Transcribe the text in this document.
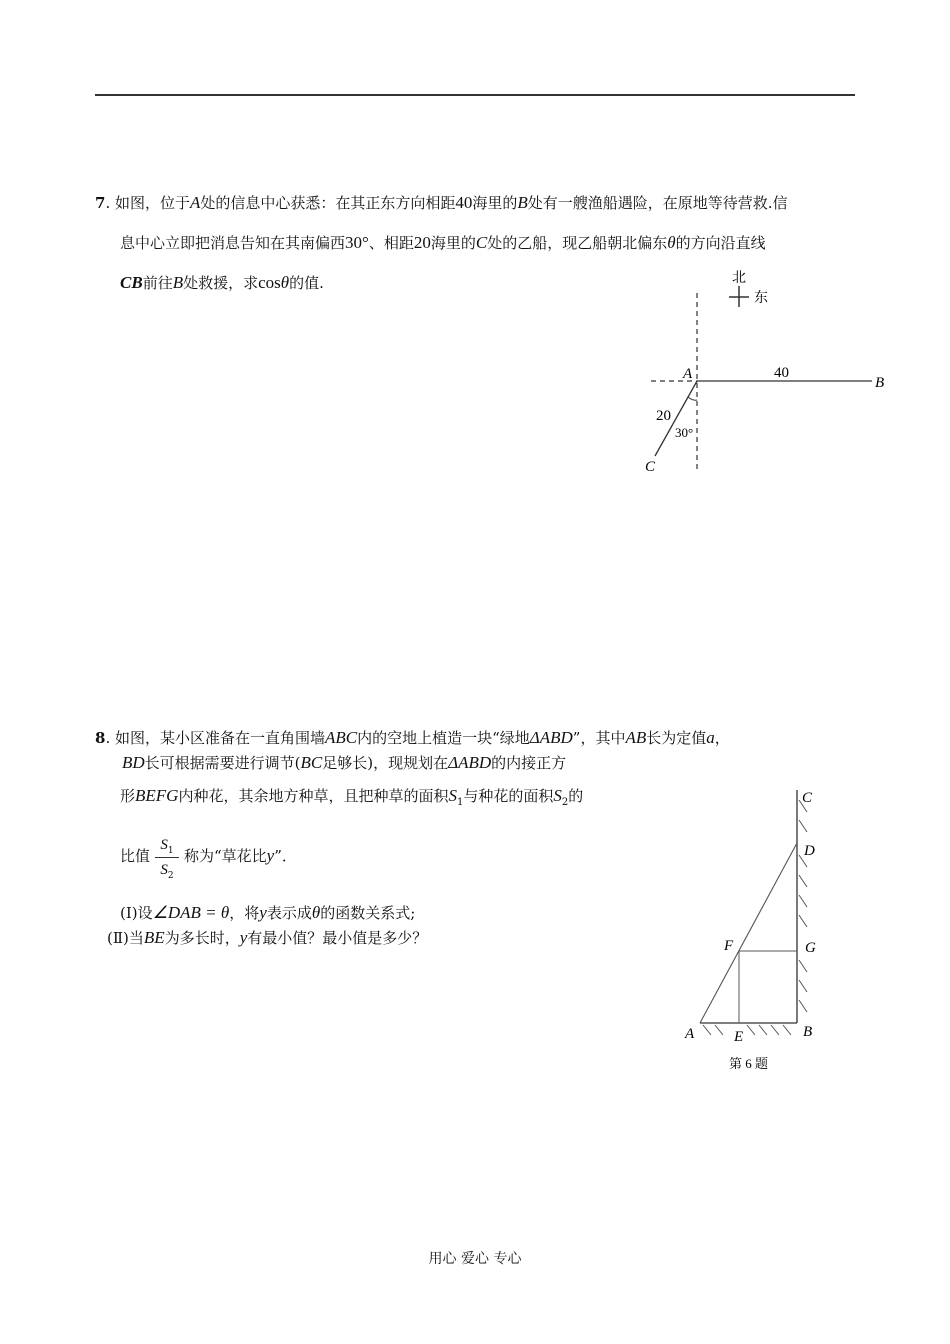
7. 如图，位于A处的信息中心获悉：在其正东方向相距40海里的B处有一艘渔船遇险，在原地等待营救.信
息中心立即把消息告知在其南偏西30°、相距20海里的C处的乙船，现乙船朝北偏东θ的方向沿直线
CB前往B处救援，求cosθ的值.	北
东
A
B
C
40
20
30°
8. 如图，某小区准备在一直角围墙ABC内的空地上植造一块“绿地ΔABD”，其中AB长为定值a，
BD长可根据需要进行调节(BC足够长)，现规划在ΔABD的内接正方
形BEFG内种花，其余地方种草，且把种草的面积$S_1$与种花的面积$S_2$的
比值
$S_1$
$S_2$
称为“草花比y”．
(Ⅰ)设∠DAB = θ，将y表示成θ的函数关系式;
(Ⅱ)当BE为多长时，y有最小值？最小值是多少？
C
D
F	G
A	E	B
第 6 题
用心 爱心 专心
